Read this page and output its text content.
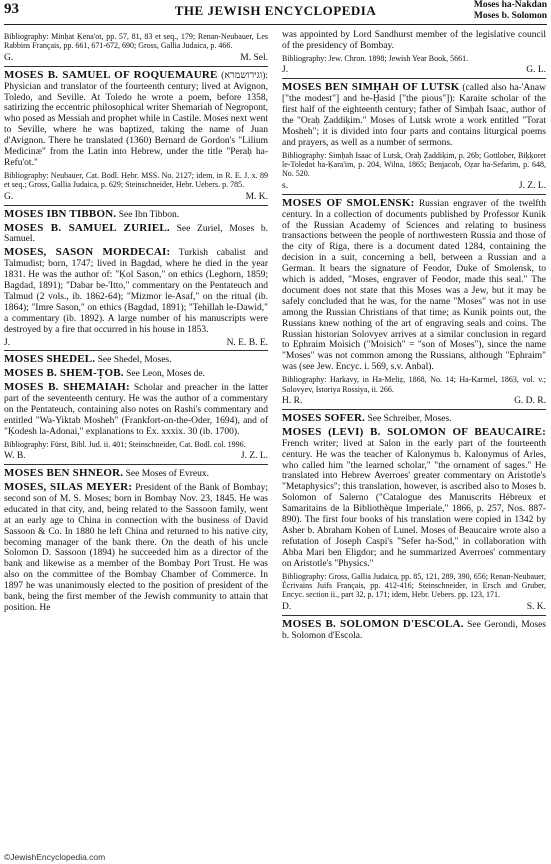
93	THE JEWISH ENCYCLOPEDIA	Moses ha-Nakdan
Moses b. Solomon

Bibliography: Minḥat Ḳena'ot, pp. 57, 81, 83 et seq., 179; Renan-Neubauer, Les Rabbins Français, pp. 661, 671-672, 690; Gross, Gallia Judaica, p. 466.

G.	M. Sel.

MOSES B. SAMUEL OF ROQUEMAURE (וגירושמרא): Physician and translator of the fourteenth century; lived at Avignon, Toledo, and Seville. At Toledo he wrote a poem, before 1358, satirizing the eccentric philosophical writer Shemariah of Negropont, who posed as Messiah and prophet while in Castile. Moses next went to Seville, where he was baptized, taking the name of Juan d'Avignon. There he translated (1360) Bernard de Gordon's "Lilium Medicinæ" from the Latin into Hebrew, under the title "Peraḥ ha-Refu'ot."

Bibliography: Neubauer, Cat. Bodl. Hebr. MSS. No. 2127; idem, in R. E. J. x. 89 et seq.; Gross, Gallia Judaica, p. 629; Steinschneider, Hebr. Uebers. p. 785.

G.	M. K.

MOSES IBN TIBBON. See Ibn Tibbon.

MOSES B. SAMUEL ZURIEL. See Zuriel, Moses b. Samuel.

MOSES, SASON MORDECAI: Turkish cabalist and Talmudist; born, 1747; lived in Bagdad, where he died in the year 1831. He was the author of: "Ḳol Sason," on ethics (Leghorn, 1859; Bagdad, 1891); "Dabar be-'Itto," commentary on the Pentateuch and Talmud (2 vols., ib. 1862-64); "Mizmor le-Asaf," on the ritual (ib. 1864); "Imre Sason," on ethics (Bagdad, 1891); "Tehillah le-Dawid," a commentary (ib. 1892). A large number of his manuscripts were destroyed by a fire that occurred in his house in 1853.

J.	N. E. B. E.

MOSES SHEDEL. See Shedel, Moses.

MOSES B. SHEM-ṬOB. See Leon, Moses de.

MOSES B. SHEMAIAH: Scholar and preacher in the latter part of the seventeenth century. He was the author of a commentary on the Pentateuch, containing also notes on Rashi's commentary and entitled "Wa-Yiktab Mosheh" (Frankfort-on-the-Oder, 1694), and of "Ḳodesh la-Adonai," explanations to Ex. xxxix. 30 (ib. 1700).

Bibliography: Fürst, Bibl. Jud. ii. 401; Steinschneider, Cat. Bodl. col. 1996.

W. B.	J. Z. L.

MOSES BEN SHNEOR. See Moses of Evreux.

MOSES, SILAS MEYER: President of the Bank of Bombay; second son of M. S. Moses; born in Bombay Nov. 23, 1845. He was educated in that city, and, being related to the Sassoon family, went at an early age to China in connection with the business of David Sassoon & Co. In 1880 he left China and returned to his native city, becoming manager of the bank there. On the death of his uncle Solomon D. Sassoon (1894) he succeeded him as a director of the bank and likewise as a member of the Bombay Port Trust. He was also on the committee of the Bombay Chamber of Commerce. In 1897 he was unanimously elected to the position of president of the bank, being the first member of the Jewish community to attain that position. He

was appointed by Lord Sandhurst member of the legislative council of the presidency of Bombay.

Bibliography: Jew. Chron. 1898; Jewish Year Book, 5661.

J.	G. L.

MOSES BEN SIMḤAH OF LUTSK (called also ha-'Anaw ["the modest"] and he-Ḥasid ["the pious"]): Karaite scholar of the first half of the eighteenth century; father of Simḥah Isaac, author of the "Oraḥ Ẓaddiḳim." Moses of Lutsk wrote a work entitled "Torat Mosheh"; it is divided into four parts and contains liturgical poems and prayers, as well as a number of sermons.

Bibliography: Simḥah Isaac of Lutsk, Oraḥ Ẓaddiḳim, p. 26b; Gottlober, Biḳḳoret le-Toledot ha-Ḳara'im, p. 204, Wilna, 1865; Benjacob, Oẓar ha-Sefarim, p. 648, No. 520.

s.	J. Z. L.

MOSES OF SMOLENSK: Russian engraver of the twelfth century. In a collection of documents published by Professor Kunik of the Russian Academy of Sciences and relating to business transactions between the people of northwestern Russia and those of the city of Riga, there is a document dated 1284, containing the decision in a suit, concerning a bell, between a Russian and a German. It bears the signature of Feodor, Duke of Smolensk, to which is added, "Moses, engraver of Feodor, made this seal." The document does not state that this Moses was a Jew, but it may be safely concluded that he was, for the name "Moses" was not in use among the Russian Christians of that time; as Kunik points out, the Russians knew nothing of the art of engraving seals and coins. The Russian historian Solovyev arrives at a similar conclusion in regard to Ephraim Moisich ("Moisich" = "son of Moses"), since the name "Moses" was not common among the Russians, although "Ephraim" was (see Jew. Encyc. i. 569, s.v. Anbal).

Bibliography: Harkavy, in Ha-Meliẓ, 1868, No. 14; Ha-Karmel, 1863, vol. v.; Solovyev, Istoriya Rossiya, ii. 266.

H. R.	G. D. R.

MOSES SOFER. See Schreiber, Moses.

MOSES (LEVI) B. SOLOMON OF BEAUCAIRE: French writer; lived at Salon in the early part of the fourteenth century. He was the teacher of Kalonymus b. Kalonymus of Arles, who called him "the learned scholar," "the ornament of sages." He translated into Hebrew Averroes' greater commentary on Aristotle's "Metaphysics"; this translation, however, is ascribed also to Moses b. Solomon of Salerno ("Catalogue des Manuscrits Hébreux et Samaritains de la Bibliothèque Imperiale," 1866, p. 257, Nos. 887-890). The first four books of his translation were copied in 1342 by Asher b. Abraham Kohen of Lunel. Moses of Beaucaire wrote also a refutation of Joseph Caspi's "Sefer ha-Sod," in collaboration with Abba Mari ben Eligdor; and he summarized Averroes' commentary on Aristotle's "Physics."

Bibliography: Gross, Gallia Judaica, pp. 85, 121, 289, 390, 656; Renan-Neubauer, Écrivains Juifs Français, pp. 412-416; Steinschneider, in Ersch and Gruber, Encyc. section ii., part 32, p. 171; idem, Hebr. Uebers. pp. 123, 171.

D.	S. K.

MOSES B. SOLOMON D'ESCOLA. See Gerondi, Moses b. Solomon d'Escola.

©JewishEncyclopedia.com
